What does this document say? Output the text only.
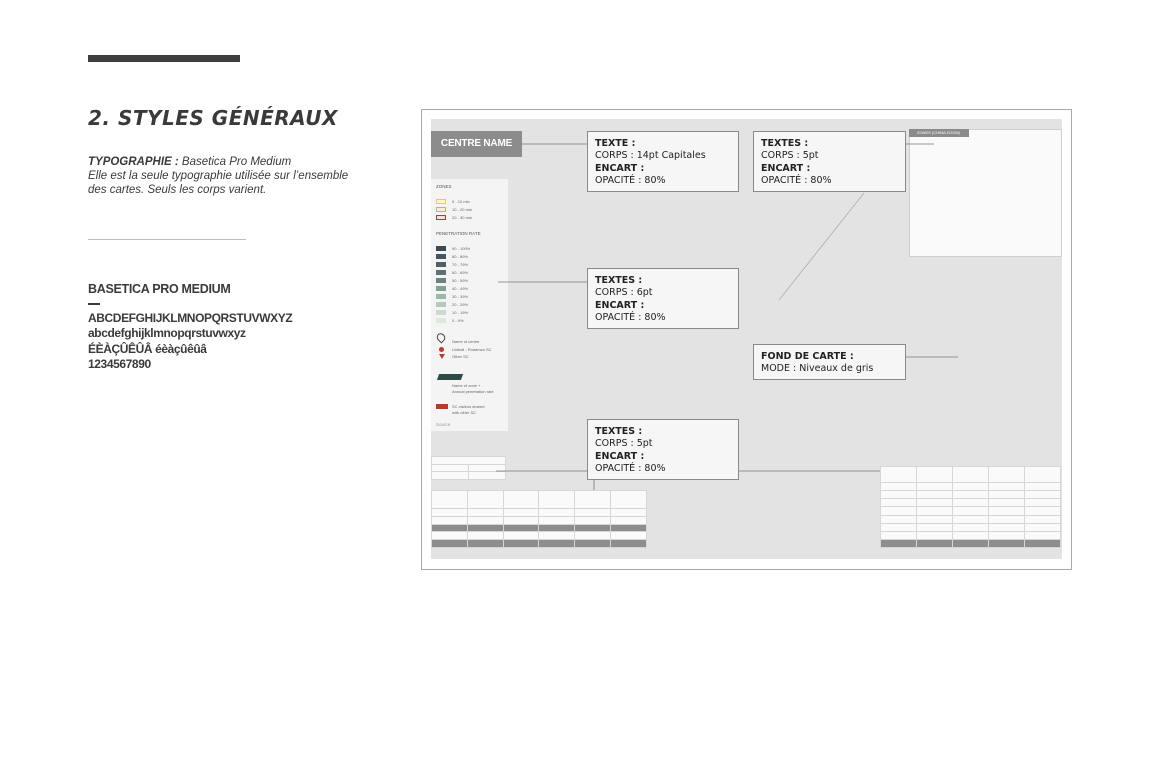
2. STYLES GÉNÉRAUX
TYPOGRAPHIE : Basetica Pro Medium
Elle est la seule typographie utilisée sur l’ensemble
des cartes. Seuls les corps varient.
BASETICA PRO MEDIUM
ABCDEFGHIJKLMNOPQRSTUVWXYZ
abcdefghijklmnopqrstuvwxyz
ÉÈÀÇÛÊÛÂ éèàçûêûâ
1234567890
CENTRE NAME
ZONES (CHINA ZOOM)
ZONES
0 - 10 min
10 - 20 min
20 - 30 min
PENETRATION RATE
90 - 100%
80 - 89%
70 - 79%
60 - 69%
50 - 59%
40 - 49%
30 - 39%
20 - 29%
10 - 19%
0 - 9%
Name of centre
Unibail - Rodamco SC
Other SC
Name of zone +
Annual penetration rate
SC visitors shared
with other SC
Source

TEXTE :
CORPS : 14pt Capitales
ENCART :
OPACITÉ : 80%
TEXTES :
CORPS : 5pt
ENCART :
OPACITÉ : 80%
TEXTES :
CORPS : 6pt
ENCART :
OPACITÉ : 80%
FOND DE CARTE :
MODE : Niveaux de gris
TEXTES :
CORPS : 5pt
ENCART :
OPACITÉ : 80%
